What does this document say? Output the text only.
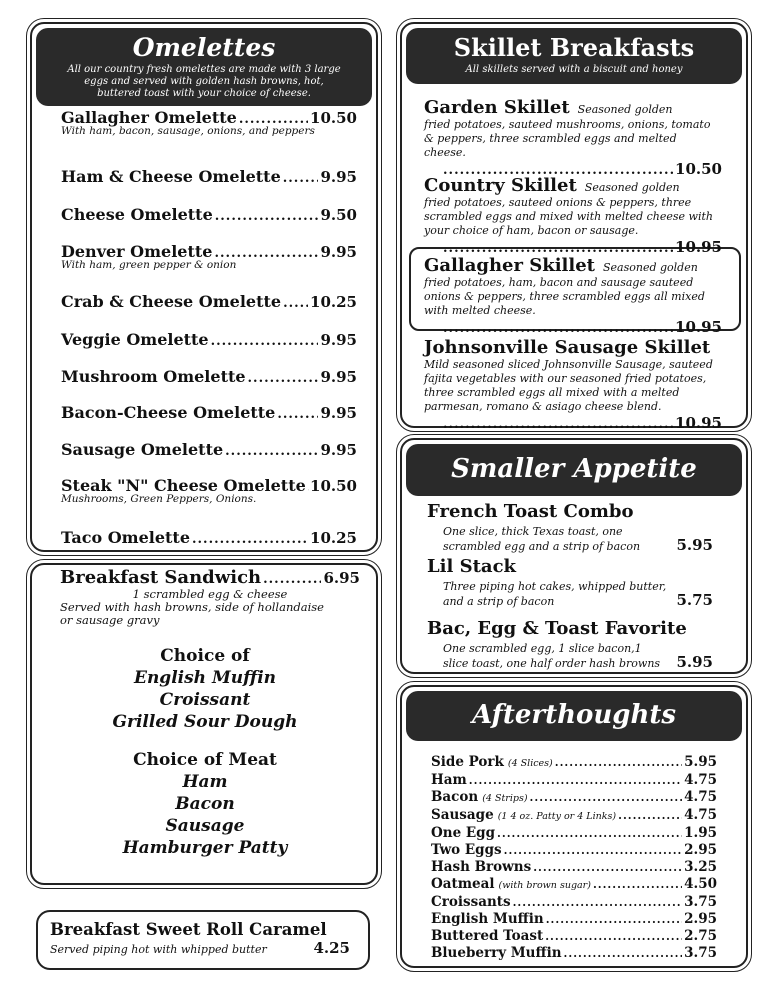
Omelettes
All our country fresh omelettes are made with 3 large eggs and served with golden hash browns, hot, buttered toast with your choice of cheese.
Gallagher Omelette .....	10.50
With ham, bacon, sausage, onions, and peppers
Ham & Cheese Omelette .....	9.95
Cheese Omelette .....	9.50
Denver Omelette .....	9.95
With ham, green pepper & onion
Crab & Cheese Omelette ..... 10.25
Veggie Omelette .....	9.95
Mushroom Omelette .....	9.95
Bacon-Cheese Omelette .....	9.95
Sausage Omelette .....	9.95
Steak "N" Cheese Omelette ..... 10.50
Mushrooms, Green Peppers, Onions.
Taco Omelette .....	10.25
Breakfast Sandwich .....	6.95
1 scrambled egg & cheese
Served with hash browns, side of hollandaise or sausage gravy
Choice of
English Muffin
Croissant
Grilled Sour Dough
Choice of Meat
Ham
Bacon
Sausage
Hamburger Patty
Breakfast Sweet Roll Caramel
Served piping hot with whipped butter	4.25
Skillet Breakfasts
All skillets served with a biscuit and honey
Garden Skillet Seasoned golden
fried potatoes, sauteed mushrooms, onions, tomato & peppers, three scrambled eggs and melted cheese.
.....
10.50
Country Skillet Seasoned golden
fried potatoes, sauteed onions & peppers, three scrambled eggs and mixed with melted cheese with your choice of ham, bacon or sausage.
.....
10.95
Gallagher Skillet Seasoned golden
fried potatoes, ham, bacon and sausage sauteed onions & peppers, three scrambled eggs all mixed with melted cheese.
.....
10.95
Johnsonville Sausage Skillet
Mild seasoned sliced Johnsonville Sausage, sauteed fajita vegetables with our seasoned fried potatoes, three scrambled eggs all mixed with a melted parmesan, romano & asiago cheese blend.
.....
10.95
Smaller Appetite
French Toast Combo
One slice, thick Texas toast, one scrambled egg and a strip of bacon	5.95
Lil Stack
Three piping hot cakes, whipped butter, and a strip of bacon	5.75
Bac, Egg & Toast Favorite
One scrambled egg, 1 slice bacon,1 slice toast, one half order hash browns	5.95
Afterthoughts
Side Pork (4 Slices) .....	5.95
Ham .....	4.75
Bacon (4 Strips) .....	4.75
Sausage (1 4 oz. Patty or 4 Links) .....	4.75
One Egg .....	1.95
Two Eggs .....	2.95
Hash Browns .....	3.25
Oatmeal (with brown sugar) .....	4.50
Croissants .....	3.75
English Muffin .....	2.95
Buttered Toast .....	2.75
Blueberry Muffin .....	3.75
